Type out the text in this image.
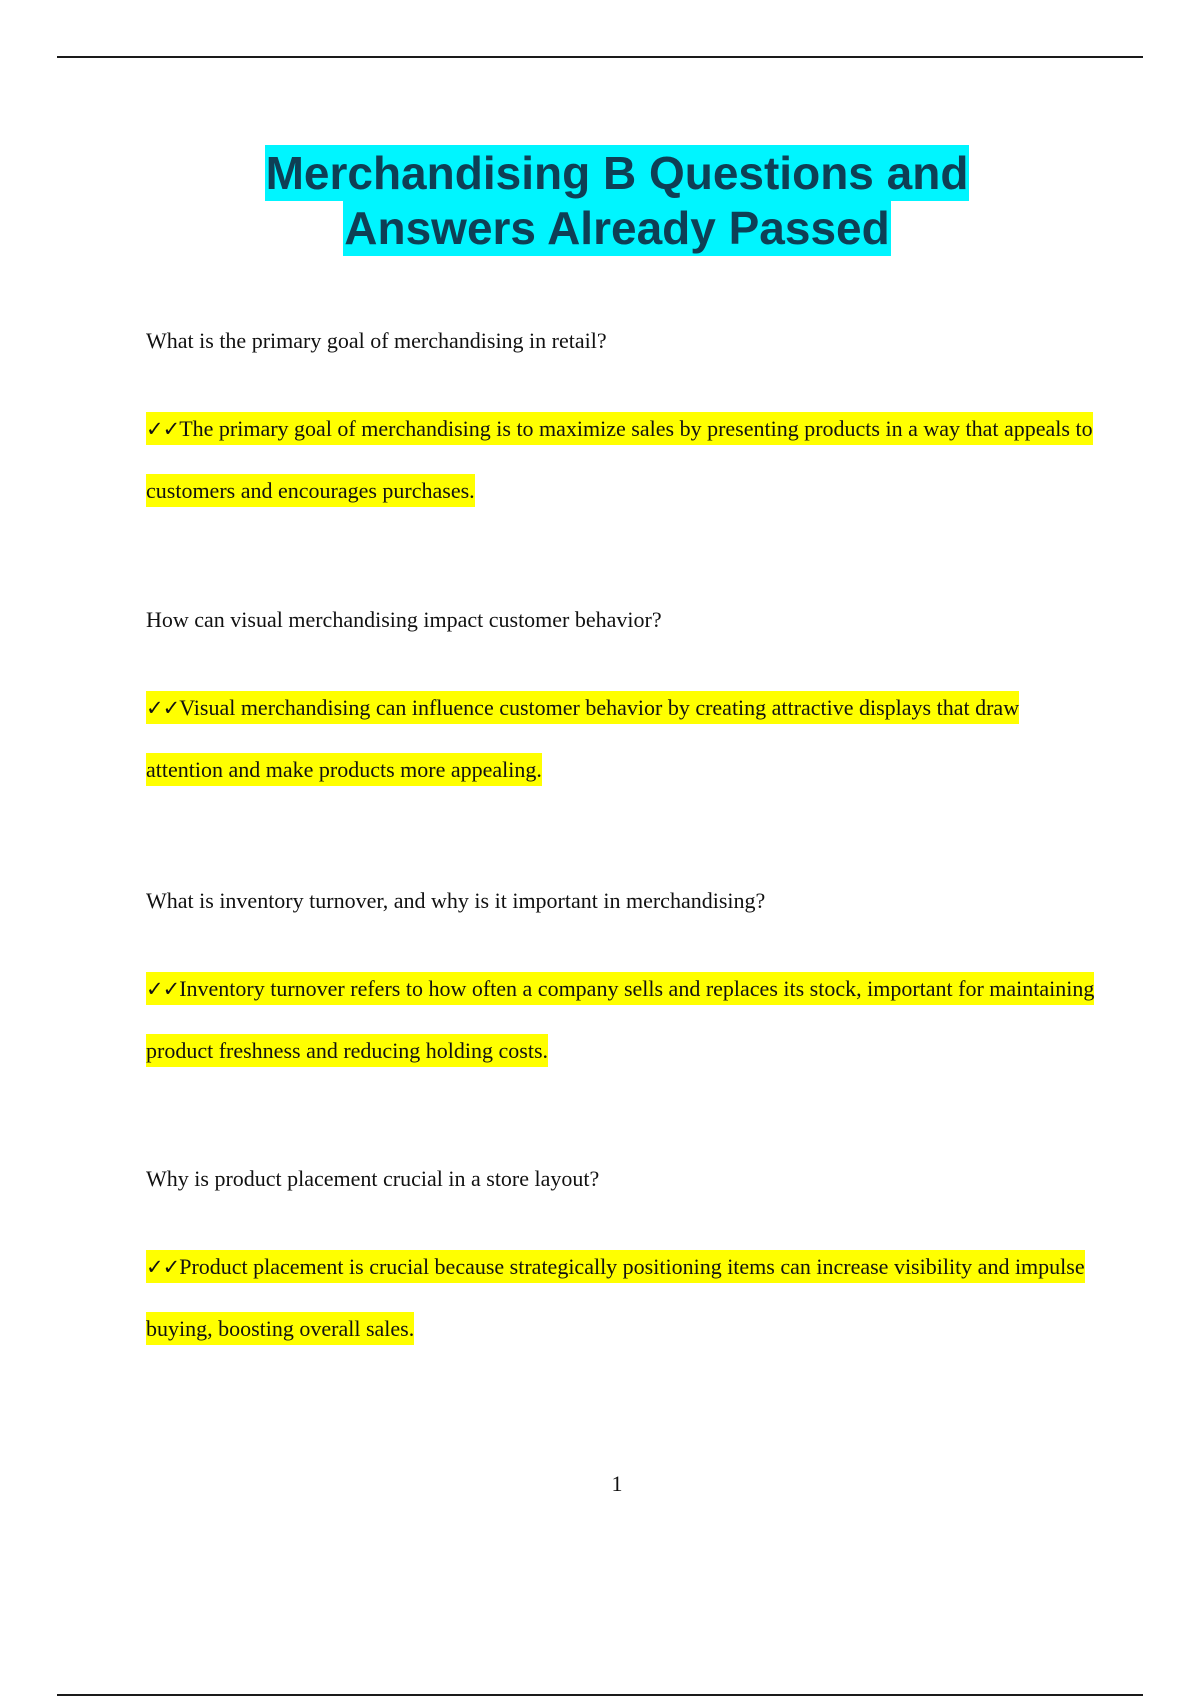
Merchandising B Questions and
Answers Already Passed

What is the primary goal of merchandising in retail?

✓✓The primary goal of merchandising is to maximize sales by presenting products in a way that appeals to customers and encourages purchases.

How can visual merchandising impact customer behavior?

✓✓Visual merchandising can influence customer behavior by creating attractive displays that draw attention and make products more appealing.

What is inventory turnover, and why is it important in merchandising?

✓✓Inventory turnover refers to how often a company sells and replaces its stock, important for maintaining product freshness and reducing holding costs.

Why is product placement crucial in a store layout?

✓✓Product placement is crucial because strategically positioning items can increase visibility and impulse buying, boosting overall sales.

1
